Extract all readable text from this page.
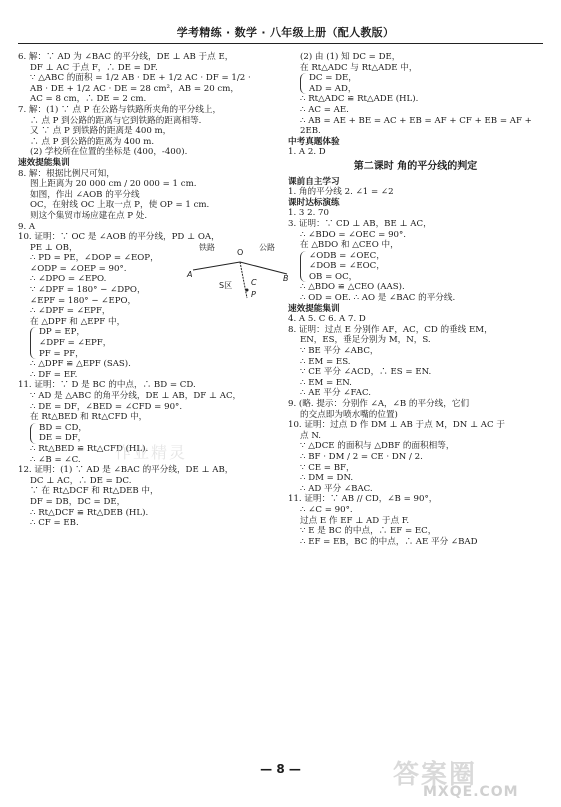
学考精练 · 数学 · 八年级上册（配人教版）

6. 解：∵ AD 为 ∠BAC 的平分线，DE ⊥ AB 于点 E，

DF ⊥ AC 于点 F，∴ DE = DF.

∵ △ABC 的面积 = 1/2 AB · DE + 1/2 AC · DF = 1/2 ·

AB · DE + 1/2 AC · DE = 28 cm²，AB = 20 cm，

AC = 8 cm，∴ DE = 2 cm.

7. 解：(1) ∵ 点 P 在公路与铁路所夹角的平分线上，

∴ 点 P 到公路的距离与它到铁路的距离相等.

又 ∵ 点 P 到铁路的距离是 400 m，

∴ 点 P 到公路的距离为 400 m.

(2) 学校所在位置的坐标是 (400，-400).

速效提能集训

8. 解：根据比例尺可知，

图上距离为 20 000 cm / 20 000 = 1 cm.

如图，作出 ∠AOB 的平分线

OC，在射线 OC 上取一点 P，使 OP = 1 cm.

则这个集贸市场应建在点 P 处.

9. A

10. 证明：∵ OC 是 ∠AOB 的平分线，PD ⊥ OA，

PE ⊥ OB，

∴ PD = PE，∠DOP = ∠EOP，

∠ODP = ∠OEP = 90°.

∴ ∠DPO = ∠EPO.

∵ ∠DPF = 180° − ∠DPO，

∠EPF = 180° − ∠EPO，

∴ ∠DPF = ∠EPF，

在 △DPF 和 △EPF 中，

DP = EP，

∠DPF = ∠EPF，

PF = PF，

∴ △DPF ≌ △EPF (SAS).

∴ DF = EF.

11. 证明：∵ D 是 BC 的中点，∴ BD = CD.

∵ AD 是 △ABC 的角平分线，DE ⊥ AB，DF ⊥ AC，

∴ DE = DF，∠BED = ∠CFD = 90°.

在 Rt△BED 和 Rt△CFD 中，

BD = CD，

DE = DF，

∴ Rt△BED ≌ Rt△CFD (HL).

∴ ∠B = ∠C.

12. 证明：(1) ∵ AD 是 ∠BAC 的平分线，DE ⊥ AB，

DC ⊥ AC，∴ DE = DC.

∵ 在 Rt△DCF 和 Rt△DEB 中，

DF = DB，DC = DE，

∴ Rt△DCF ≌ Rt△DEB (HL).

∴ CF = EB.

铁路	公路
O
A	B
S区 C
P
作业精灵

(2) 由 (1) 知 DC = DE，

在 Rt△ADC 与 Rt△ADE 中，

DC = DE，

AD = AD，

∴ Rt△ADC ≌ Rt△ADE (HL).

∴ AC = AE.

∴ AB = AE + BE = AC + EB = AF + CF + EB = AF +

2EB.

中考真题体验

1. A 2. D

第二课时 角的平分线的判定

课前自主学习

1. 角的平分线 2. ∠1 = ∠2

课时达标演练

1. 3 2. 70

3. 证明：∵ CD ⊥ AB，BE ⊥ AC，

∴ ∠BDO = ∠OEC = 90°.

在 △BDO 和 △CEO 中，

∠ODB = ∠OEC，

∠DOB = ∠EOC，

OB = OC，

∴ △BDO ≌ △CEO (AAS).

∴ OD = OE. ∴ AO 是 ∠BAC 的平分线.

速效提能集训

4. A 5. C 6. A 7. D

8. 证明：过点 E 分别作 AF，AC，CD 的垂线 EM，

EN，ES，垂足分别为 M，N，S.

∵ BE 平分 ∠ABC，

∴ EM = ES.

∵ CE 平分 ∠ACD，∴ ES = EN.

∴ EM = EN.

∴ AE 平分 ∠FAC.

9. (略. 提示：分别作 ∠A，∠B 的平分线，它们

的交点即为喷水嘴的位置)

10. 证明：过点 D 作 DM ⊥ AB 于点 M，DN ⊥ AC 于

点 N.

∵ △DCE 的面积与 △DBF 的面积相等，

∴ BF · DM / 2 = CE · DN / 2.

∵ CE = BF，

∴ DM = DN.

∴ AD 平分 ∠BAC.

11. 证明：∵ AB // CD，∠B = 90°，

∴ ∠C = 90°.

过点 E 作 EF ⊥ AD 于点 F.

∵ E 是 BC 的中点，∴ EF = EC，

∴ EF = EB，BC 的中点，∴ AE 平分 ∠BAD

— 8 —	答案圈
MXQE.COM
